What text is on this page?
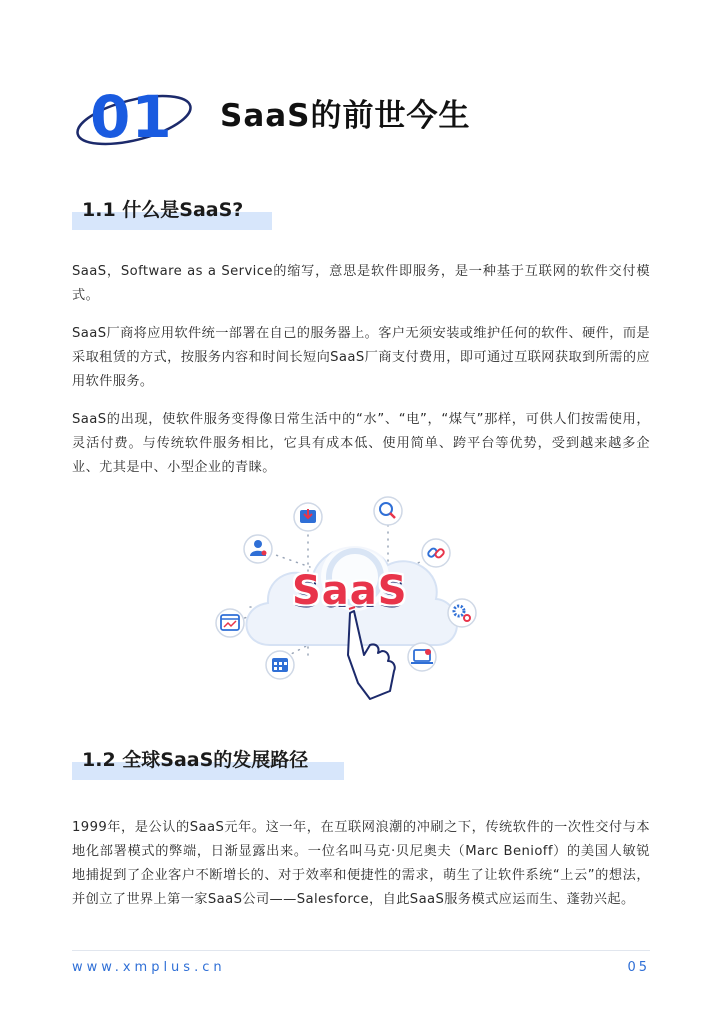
01 SaaS的前世今生
1.1 什么是SaaS?

SaaS，Software as a Service的缩写，意思是软件即服务，是一种基于互联网的软件交付模式。

SaaS厂商将应用软件统一部署在自己的服务器上。客户无须安装或维护任何的软件、硬件，而是采取租赁的方式，按服务内容和时间长短向SaaS厂商支付费用，即可通过互联网获取到所需的应用软件服务。

SaaS的出现，使软件服务变得像日常生活中的“水”、“电”，“煤气”那样，可供人们按需使用，灵活付费。与传统软件服务相比，它具有成本低、使用简单、跨平台等优势，受到越来越多企业、尤其是中、小型企业的青睐。

SaaS
1.2 全球SaaS的发展路径

1999年，是公认的SaaS元年。这一年，在互联网浪潮的冲刷之下，传统软件的一次性交付与本地化部署模式的弊端，日渐显露出来。一位名叫马克·贝尼奥夫（Marc Benioff）的美国人敏锐地捕捉到了企业客户不断增长的、对于效率和便捷性的需求，萌生了让软件系统“上云”的想法，并创立了世界上第一家SaaS公司——Salesforce，自此SaaS服务模式应运而生、蓬勃兴起。

www.xmplus.cn	05
